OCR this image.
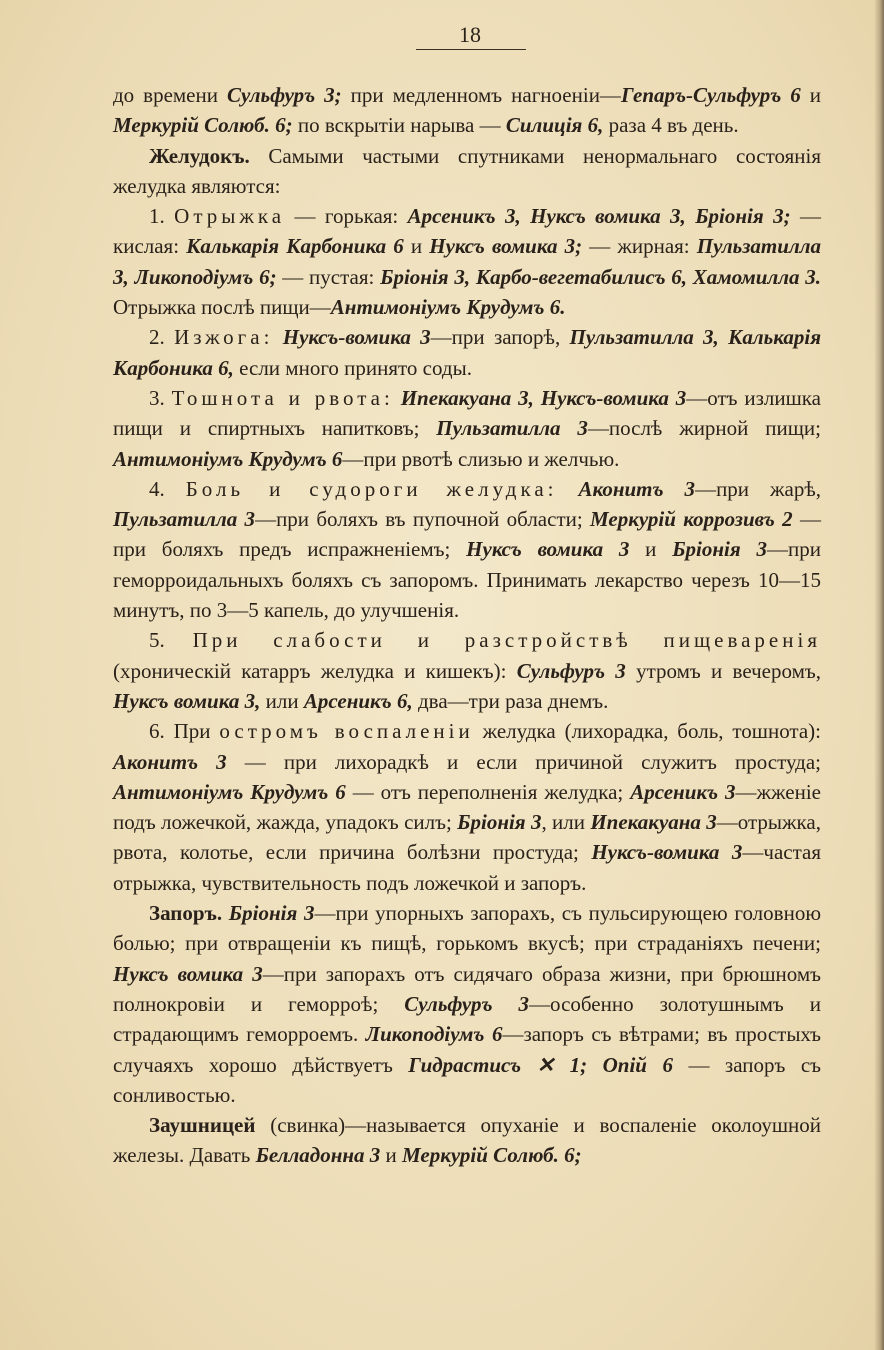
18

до времени Сульфуръ 3; при медленномъ нагноеніи—Гепаръ-Сульфуръ 6 и Меркурій Солюб. 6; по вскрытіи нарыва — Силиція 6, раза 4 въ день.

Желудокъ. Самыми частыми спутниками ненормальнаго состоянія желудка являются:

1. Отрыжка — горькая: Арсеникъ 3, Нуксъ вомика 3, Бріонія 3; — кислая: Калькарія Карбоника 6 и Нуксъ вомика 3; — жирная: Пульзатилла 3, Ликоподіумъ 6; — пустая: Бріонія 3, Карбо-вегетабилисъ 6, Хамомилла 3. Отрыжка послѣ пищи—Антимоніумъ Крудумъ 6.

2. Изжога: Нуксъ-вомика 3—при запорѣ, Пульзатилла 3, Калькарія Карбоника 6, если много принято соды.

3. Тошнота и рвота: Ипекакуана 3, Нуксъ-вомика 3—отъ излишка пищи и спиртныхъ напитковъ; Пульзатилла 3—послѣ жирной пищи; Антимоніумъ Крудумъ 6—при рвотѣ слизью и желчью.

4. Боль и судороги желудка: Аконитъ 3—при жарѣ, Пульзатилла 3—при боляхъ въ пупочной области; Меркурій коррозивъ 2 — при боляхъ предъ испражненіемъ; Нуксъ вомика 3 и Бріонія 3—при геморроидальныхъ боляхъ съ запоромъ. Принимать лекарство черезъ 10—15 минутъ, по 3—5 капель, до улучшенія.

5. При слабости и разстройствѣ пищеваренія (хроническій катарръ желудка и кишекъ): Сульфуръ 3 утромъ и вечеромъ, Нуксъ вомика 3, или Арсеникъ 6, два—три раза днемъ.

6. При остромъ воспаленіи желудка (лихорадка, боль, тошнота): Аконитъ 3 — при лихорадкѣ и если причиной служитъ простуда; Антимоніумъ Крудумъ 6 — отъ переполненія желудка; Арсеникъ 3—жженіе подъ ложечкой, жажда, упадокъ силъ; Бріонія 3, или Ипекакуана 3—отрыжка, рвота, колотье, если причина болѣзни простуда; Нуксъ-вомика 3—частая отрыжка, чувствительность подъ ложечкой и запоръ.

Запоръ. Бріонія 3—при упорныхъ запорахъ, съ пульсирующею головною болью; при отвращеніи къ пищѣ, горькомъ вкусѣ; при страданіяхъ печени; Нуксъ вомика 3—при запорахъ отъ сидячаго образа жизни, при брюшномъ полнокровіи и геморроѣ; Сульфуръ 3—особенно золотушнымъ и страдающимъ геморроемъ. Ликоподіумъ 6—запоръ съ вѣтрами; въ простыхъ случаяхъ хорошо дѣйствуетъ Гидрастисъ ✕ 1; Опій 6 — запоръ съ сонливостью.

Заушницей (свинка)—называется опуханіе и воспаленіе околоушной железы. Давать Белладонна 3 и Меркурій Солюб. 6;
